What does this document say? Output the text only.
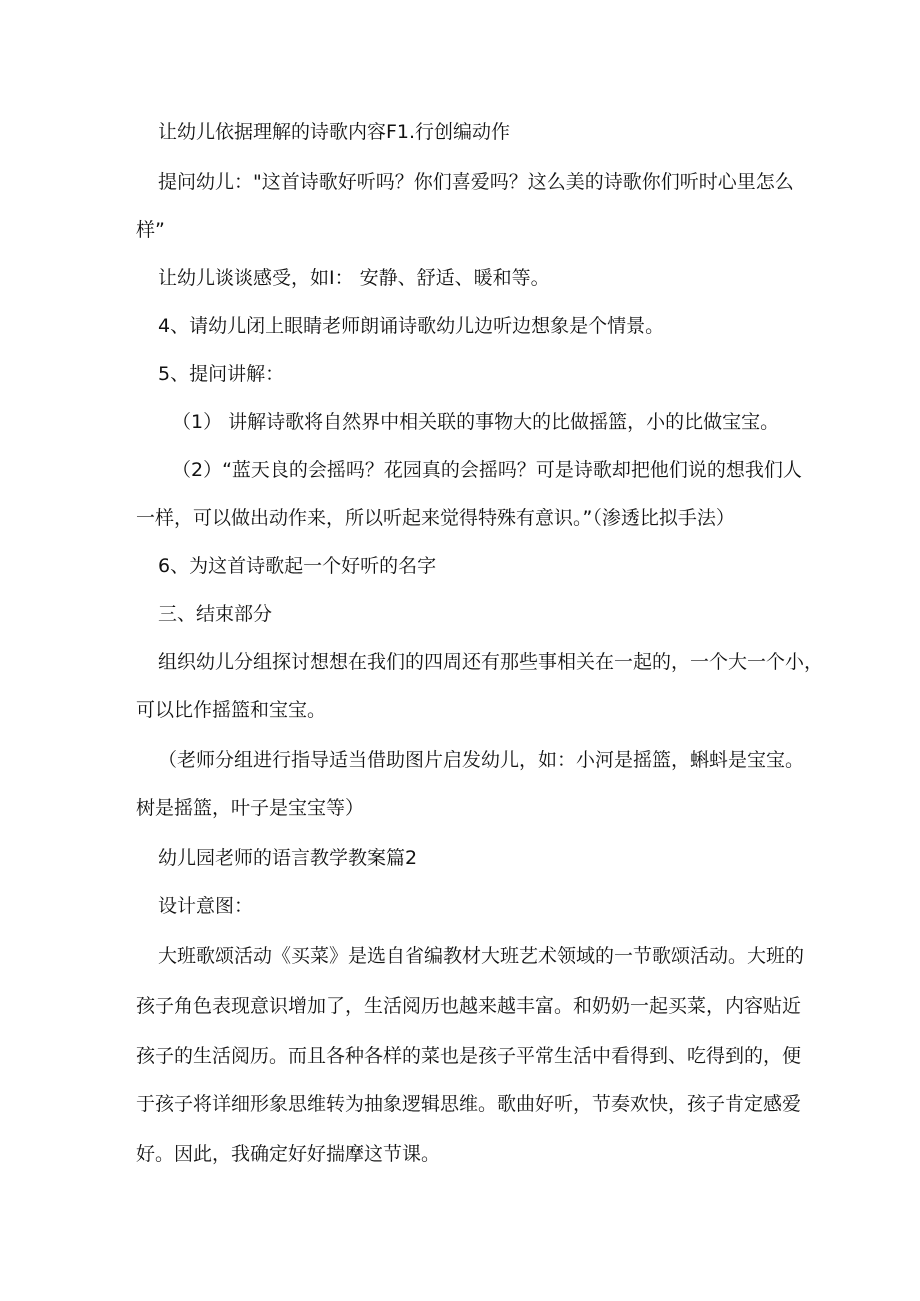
让幼儿依据理解的诗歌内容F1.行创编动作

提问幼儿："这首诗歌好听吗？你们喜爱吗？这么美的诗歌你们听时心里怎么

样”

让幼儿谈谈感受，如I： 安静、舒适、暖和等。

4、请幼儿闭上眼睛老师朗诵诗歌幼儿边听边想象是个情景。

5、提问讲解：

（1） 讲解诗歌将自然界中相关联的事物大的比做摇篮，小的比做宝宝。

（2）“蓝天良的会摇吗？花园真的会摇吗？可是诗歌却把他们说的想我们人

一样，可以做出动作来，所以听起来觉得特殊有意识。”（渗透比拟手法）

6、为这首诗歌起一个好听的名字

三、结束部分

组织幼儿分组探讨想想在我们的四周还有那些事相关在一起的，一个大一个小，

可以比作摇篮和宝宝。

（老师分组进行指导适当借助图片启发幼儿，如：小河是摇篮，蝌蚪是宝宝。

树是摇篮，叶子是宝宝等）

幼儿园老师的语言教学教案篇2

设计意图：

大班歌颂活动《买菜》是选自省编教材大班艺术领域的一节歌颂活动。大班的

孩子角色表现意识增加了，生活阅历也越来越丰富。和奶奶一起买菜，内容贴近

孩子的生活阅历。而且各种各样的菜也是孩子平常生活中看得到、吃得到的，便

于孩子将详细形象思维转为抽象逻辑思维。歌曲好听，节奏欢快，孩子肯定感爱

好。因此，我确定好好揣摩这节课。
